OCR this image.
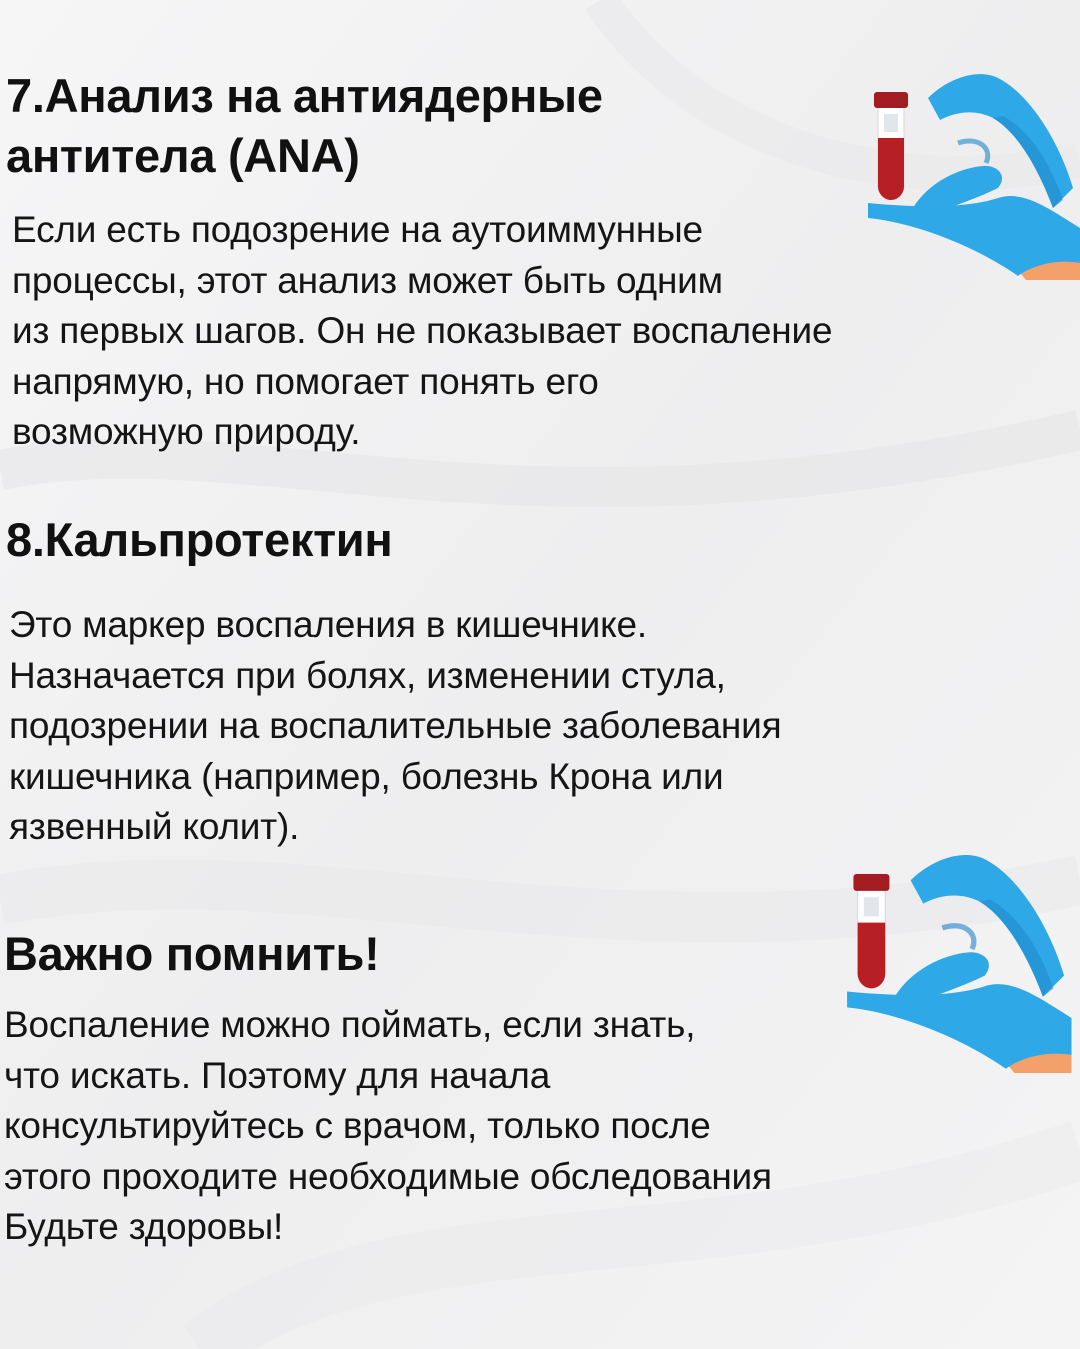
7.Анализ на антиядерные
антитела (ANA)
Если есть подозрение на аутоиммунные
процессы, этот анализ может быть одним
из первых шагов. Он не показывает воспаление
напрямую, но помогает понять его
возможную природу.
8.Кальпротектин
Это маркер воспаления в кишечнике.
Назначается при болях, изменении стула,
подозрении на воспалительные заболевания
кишечника (например, болезнь Крона или
язвенный колит).
Важно помнить!
Воспаление можно поймать, если знать,
что искать. Поэтому для начала
консультируйтесь с врачом, только после
этого проходите необходимые обследования
Будьте здоровы!
